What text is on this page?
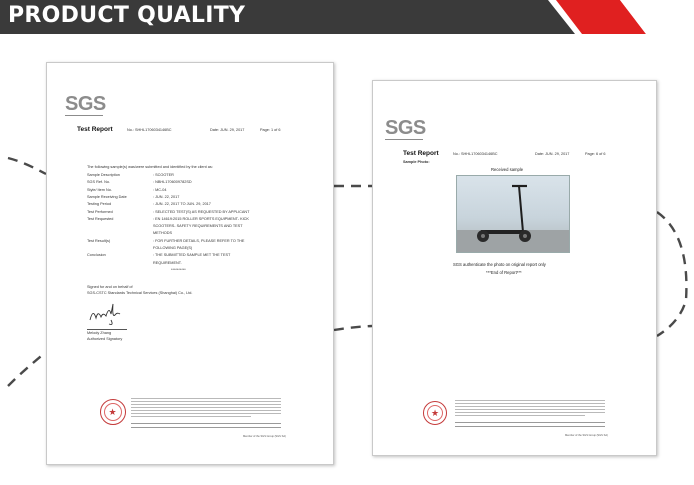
PRODUCT QUALITY
SGS
Test Report	No.: SHHL1706034146BC	Date: JUN. 29, 2017	Page: 1 of 6
The following sample(s) was/were submitted and identified by the client as:
Sample Description	: SCOOTER
SGS Ref. No.	: NBHL1706009782SD
Style/ Item No.	: MC-04
Sample Receiving Date	: JUN. 22, 2017
Testing Period	: JUN. 22, 2017 TO JUN. 29, 2017
Test Performed	: SELECTED TEST(S) AS REQUESTED BY APPLICANT
Test Requested	: EN 14619:2015 ROLLER SPORTS EQUIPMENT- KICK
SCOOTERS- SAFETY REQUIREMENTS AND TEST
METHODS
Test Result(s)	: FOR FURTHER DETAILS, PLEASE REFER TO THE
FOLLOWING PAGE(S)
Conclusion	: THE SUBMITTED SAMPLE MET THE TEST
REQUIREMENT.
**********
Signed for and on behalf of
SGS-CSTC Standards Technical Services (Shanghai) Co., Ltd.
Melody Zhang
Authorized Signatory
★
Member of the SGS Group (SGS SA)
SGS
Test Report	No.: SHHL1706034146BC	Date: JUN. 29, 2017	Page: 6 of 6
Sample Photo:
Received sample
SGS authenticate the photo on original report only
***End of Report***
★
Member of the SGS Group (SGS SA)
